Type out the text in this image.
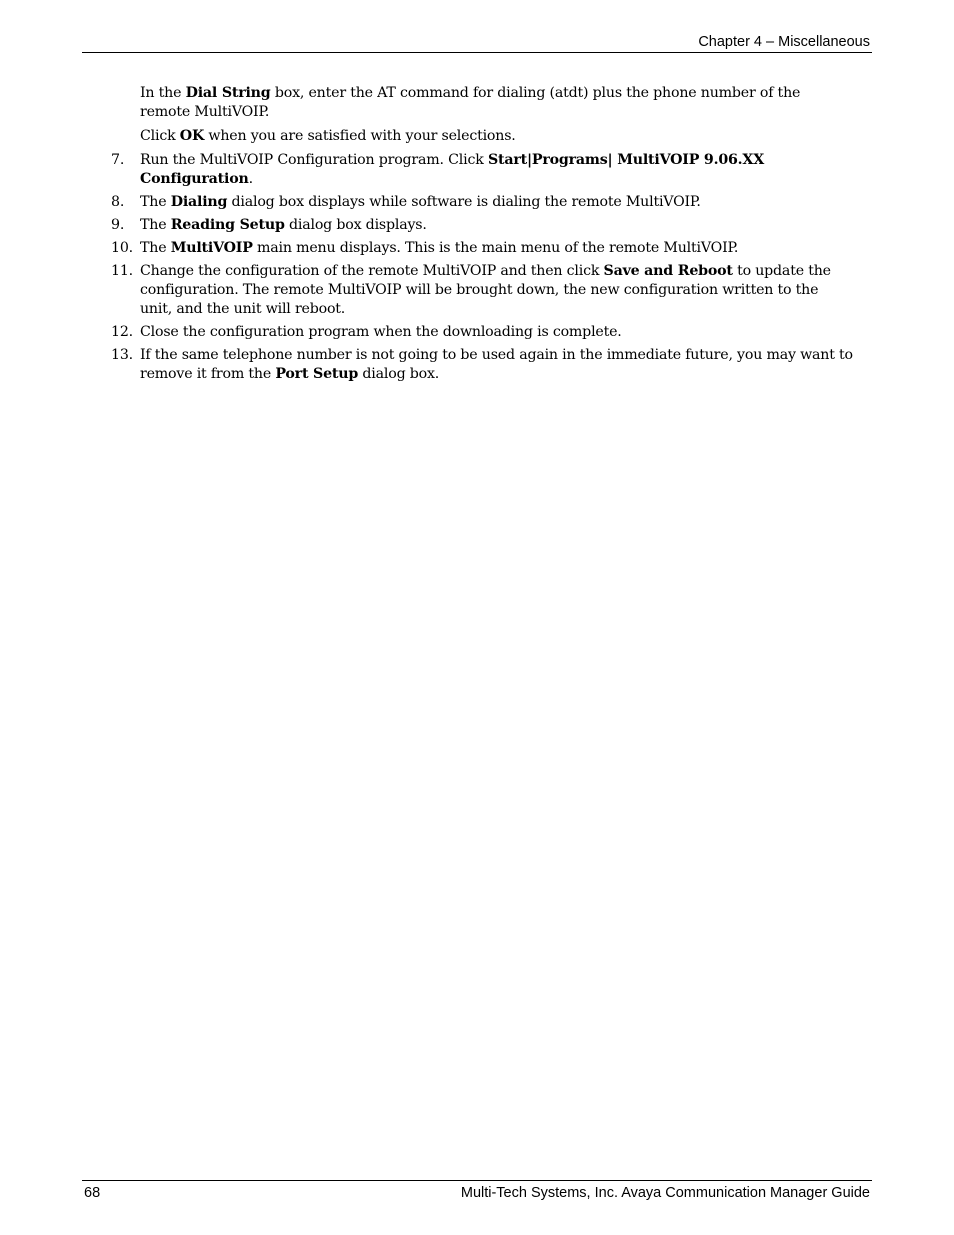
Chapter 4 – Miscellaneous
In the Dial String box, enter the AT command for dialing (atdt) plus the phone number of the remote MultiVOIP.
Click OK when you are satisfied with your selections.
7. Run the MultiVOIP Configuration program. Click Start|Programs| MultiVOIP 9.06.XX Configuration.
8. The Dialing dialog box displays while software is dialing the remote MultiVOIP.
9. The Reading Setup dialog box displays.
10. The MultiVOIP main menu displays. This is the main menu of the remote MultiVOIP.
11. Change the configuration of the remote MultiVOIP and then click Save and Reboot to update the configuration. The remote MultiVOIP will be brought down, the new configuration written to the unit, and the unit will reboot.
12. Close the configuration program when the downloading is complete.
13. If the same telephone number is not going to be used again in the immediate future, you may want to remove it from the Port Setup dialog box.
68	Multi-Tech Systems, Inc. Avaya Communication Manager Guide
